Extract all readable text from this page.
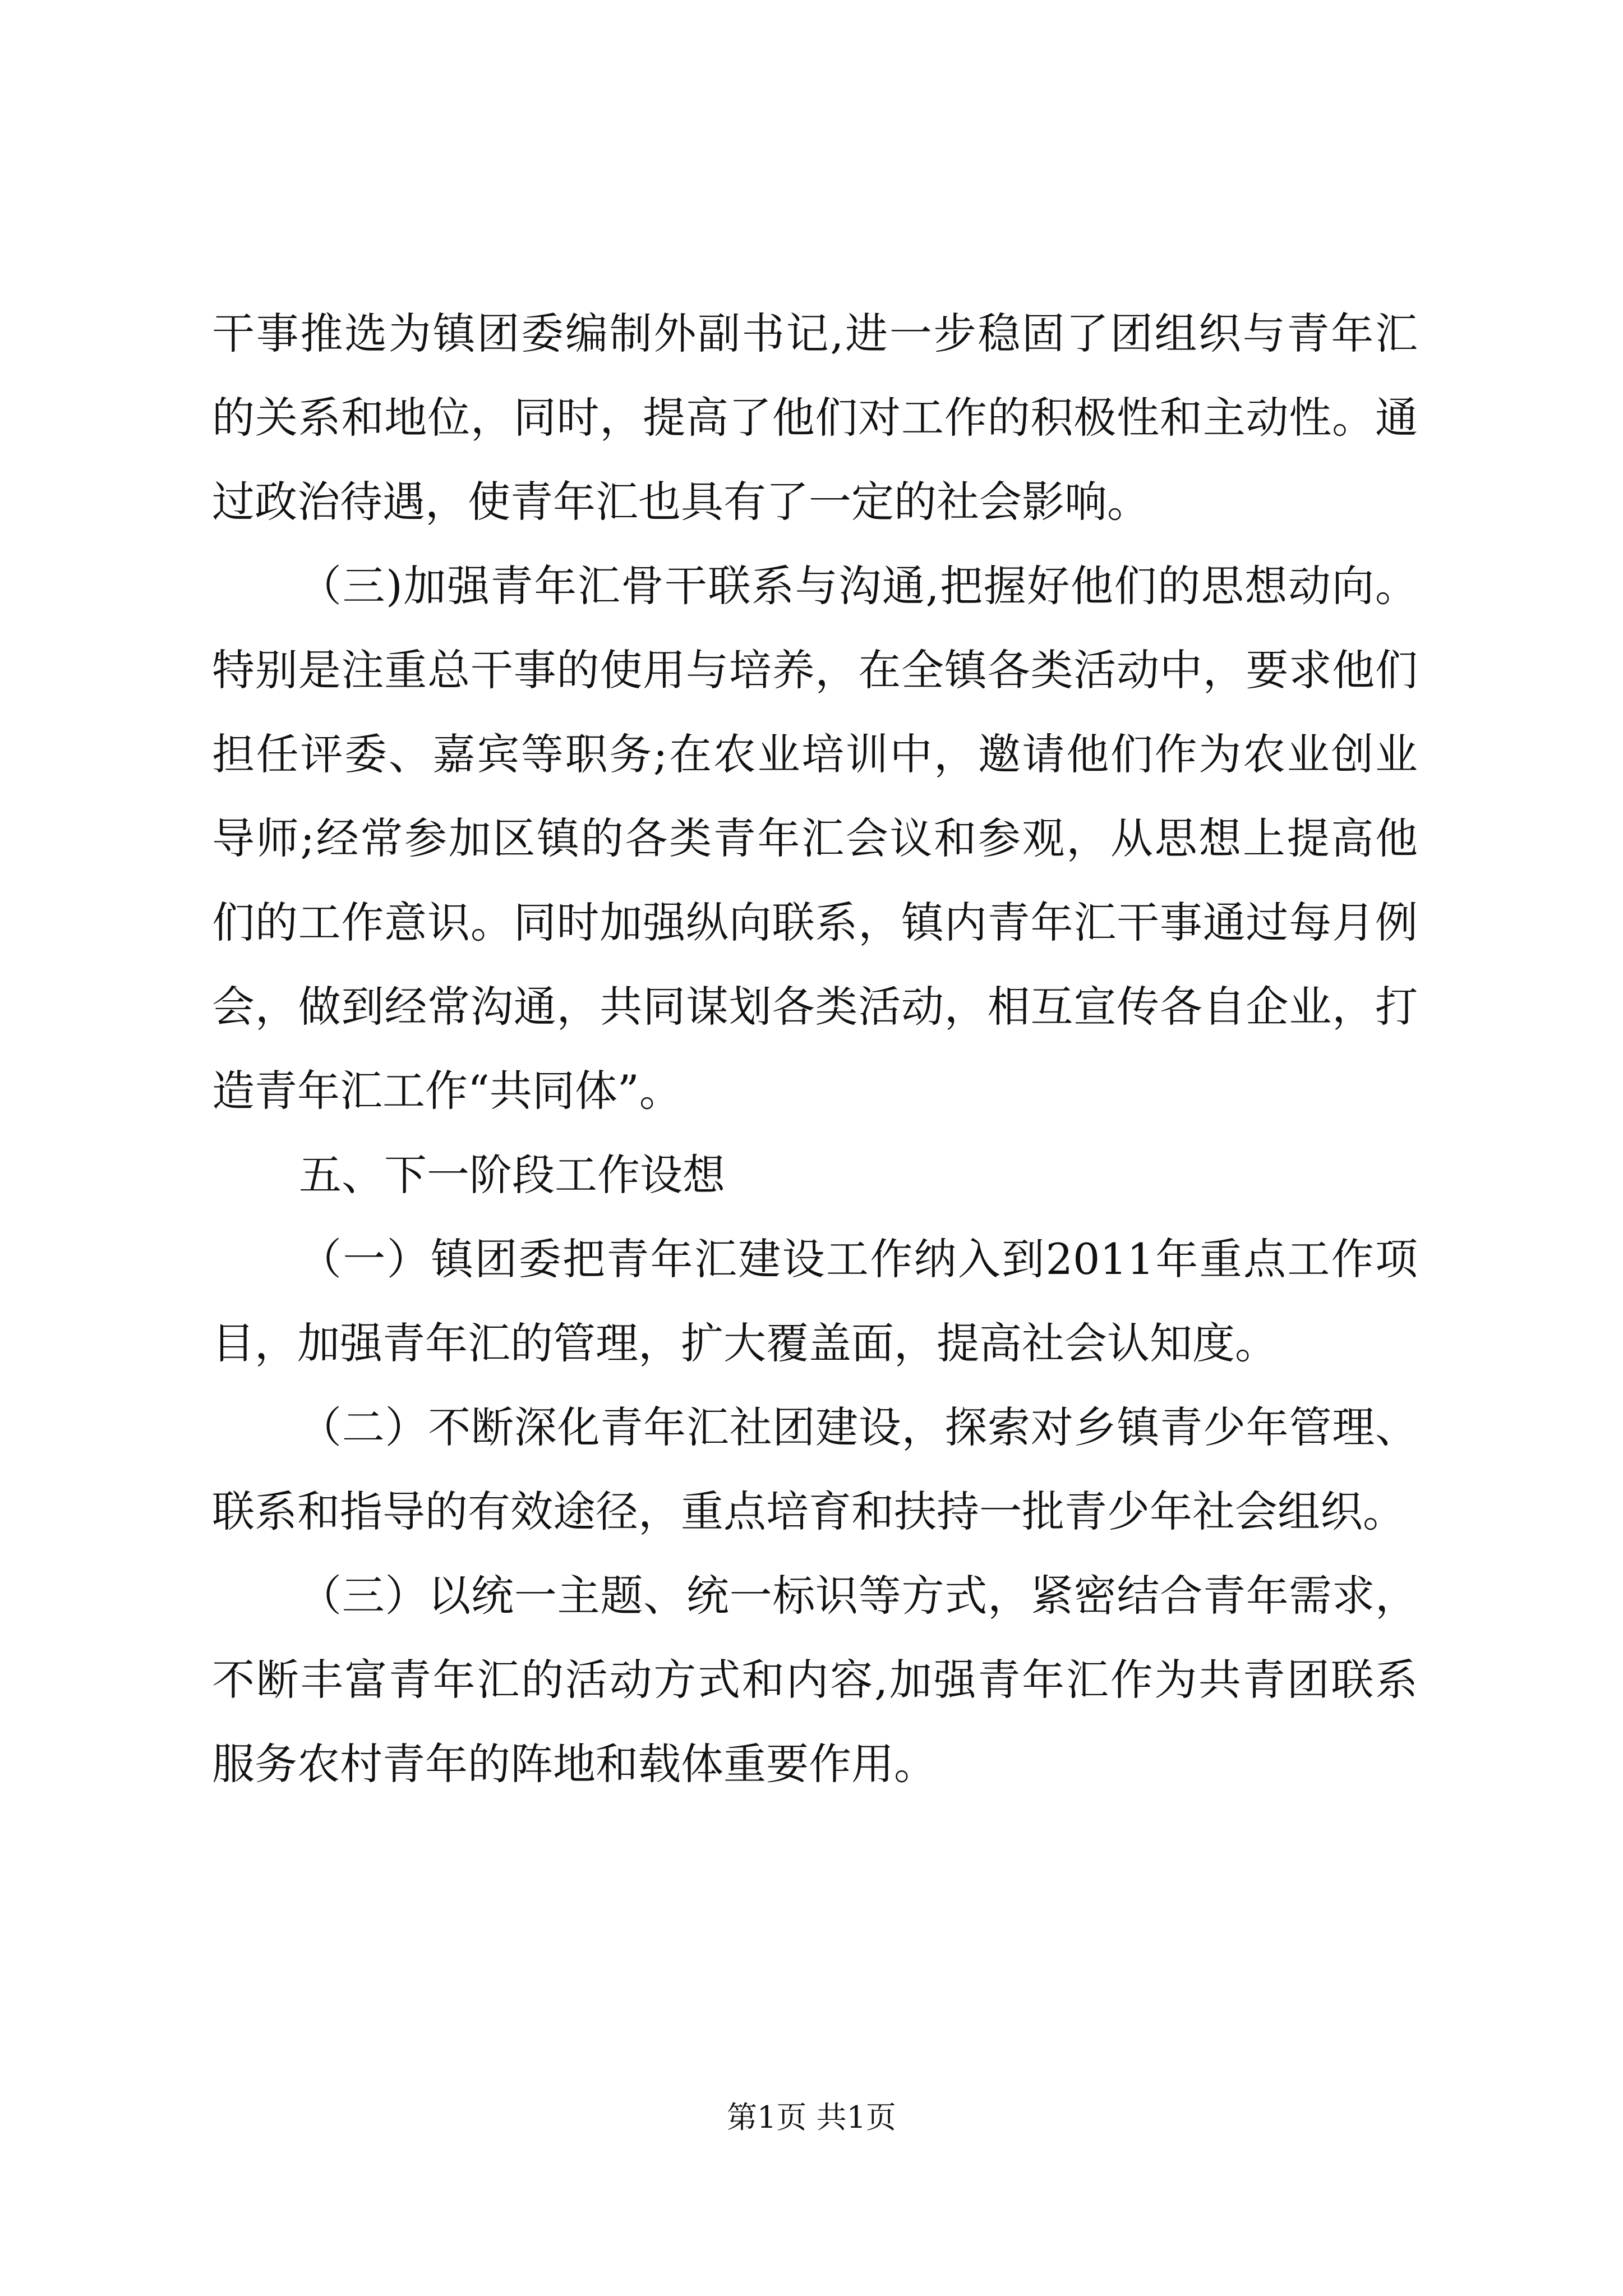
干事推选为镇团委编制外副书记,进一步稳固了团组织与青年汇
的关系和地位，同时，提高了他们对工作的积极性和主动性。通
过政治待遇，使青年汇也具有了一定的社会影响。
（三)加强青年汇骨干联系与沟通,把握好他们的思想动向。
特别是注重总干事的使用与培养，在全镇各类活动中，要求他们
担任评委、嘉宾等职务;在农业培训中，邀请他们作为农业创业
导师;经常参加区镇的各类青年汇会议和参观，从思想上提高他
们的工作意识。同时加强纵向联系，镇内青年汇干事通过每月例
会，做到经常沟通，共同谋划各类活动，相互宣传各自企业，打
造青年汇工作“共同体”。
五、下一阶段工作设想
（一）镇团委把青年汇建设工作纳入到2011年重点工作项
目，加强青年汇的管理，扩大覆盖面，提高社会认知度。
（二）不断深化青年汇社团建设，探索对乡镇青少年管理、
联系和指导的有效途径，重点培育和扶持一批青少年社会组织。
（三）以统一主题、统一标识等方式，紧密结合青年需求，
不断丰富青年汇的活动方式和内容,加强青年汇作为共青团联系
服务农村青年的阵地和载体重要作用。
第1页 共1页
